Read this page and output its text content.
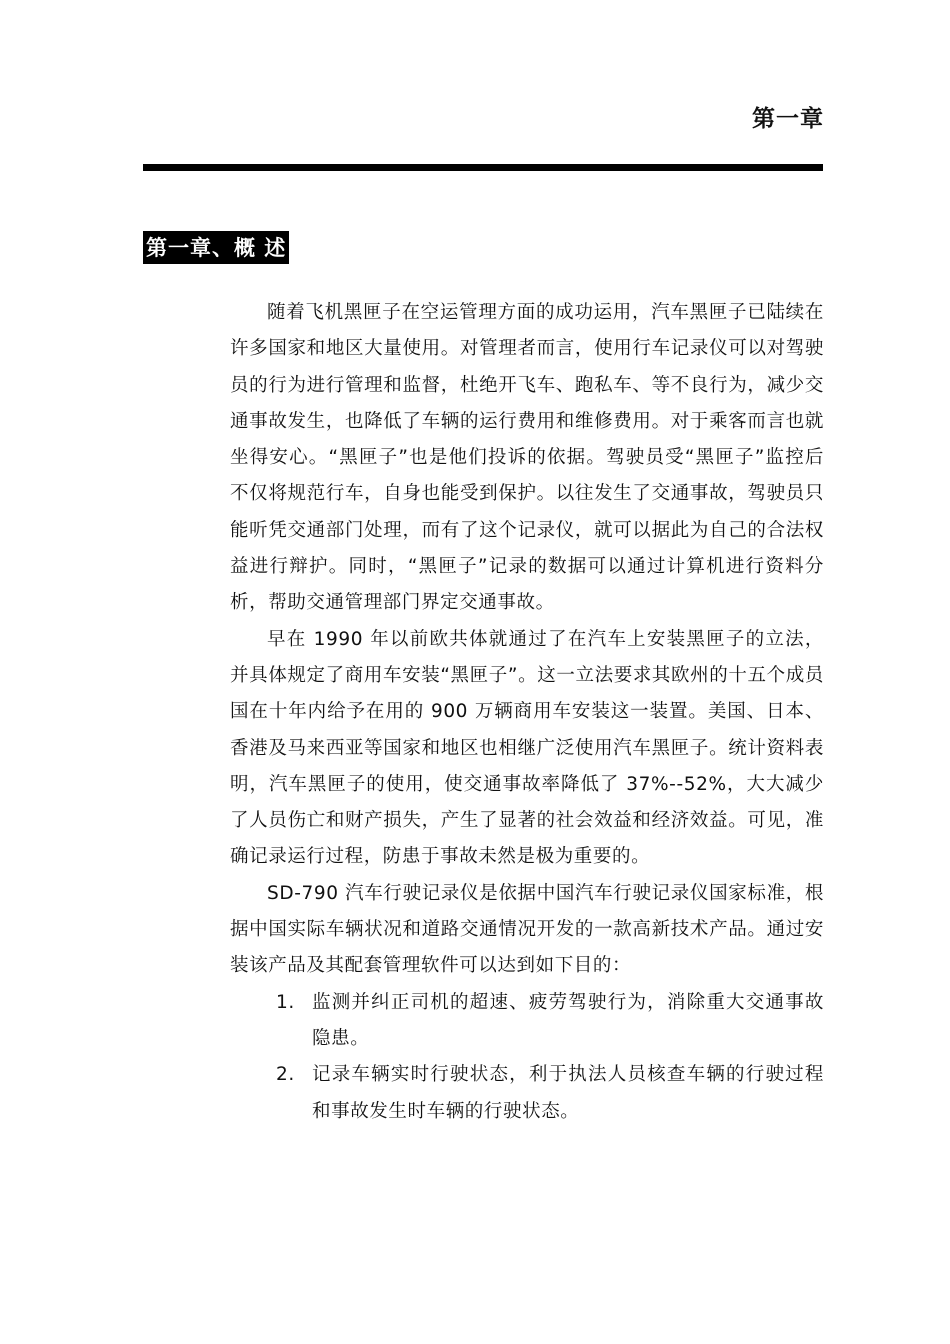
第一章
第一章、概 述

随着飞机黑匣子在空运管理方面的成功运用，汽车黑匣子已陆续在许多国家和地区大量使用。对管理者而言，使用行车记录仪可以对驾驶员的行为进行管理和监督，杜绝开飞车、跑私车、等不良行为，减少交通事故发生，也降低了车辆的运行费用和维修费用。对于乘客而言也就坐得安心。“黑匣子”也是他们投诉的依据。驾驶员受“黑匣子”监控后不仅将规范行车，自身也能受到保护。以往发生了交通事故，驾驶员只能听凭交通部门处理，而有了这个记录仪，就可以据此为自己的合法权益进行辩护。同时，“黑匣子”记录的数据可以通过计算机进行资料分析，帮助交通管理部门界定交通事故。

早在 1990 年以前欧共体就通过了在汽车上安装黑匣子的立法，并具体规定了商用车安装“黑匣子”。这一立法要求其欧州的十五个成员国在十年内给予在用的 900 万辆商用车安装这一装置。美国、日本、香港及马来西亚等国家和地区也相继广泛使用汽车黑匣子。统计资料表明，汽车黑匣子的使用，使交通事故率降低了 37%--52%，大大减少了人员伤亡和财产损失，产生了显著的社会效益和经济效益。可见，准确记录运行过程，防患于事故未然是极为重要的。

SD-790 汽车行驶记录仪是依据中国汽车行驶记录仪国家标准，根据中国实际车辆状况和道路交通情况开发的一款高新技术产品。通过安装该产品及其配套管理软件可以达到如下目的：

1. 监测并纠正司机的超速、疲劳驾驶行为，消除重大交通事故隐患。
2. 记录车辆实时行驶状态，利于执法人员核查车辆的行驶过程和事故发生时车辆的行驶状态。
